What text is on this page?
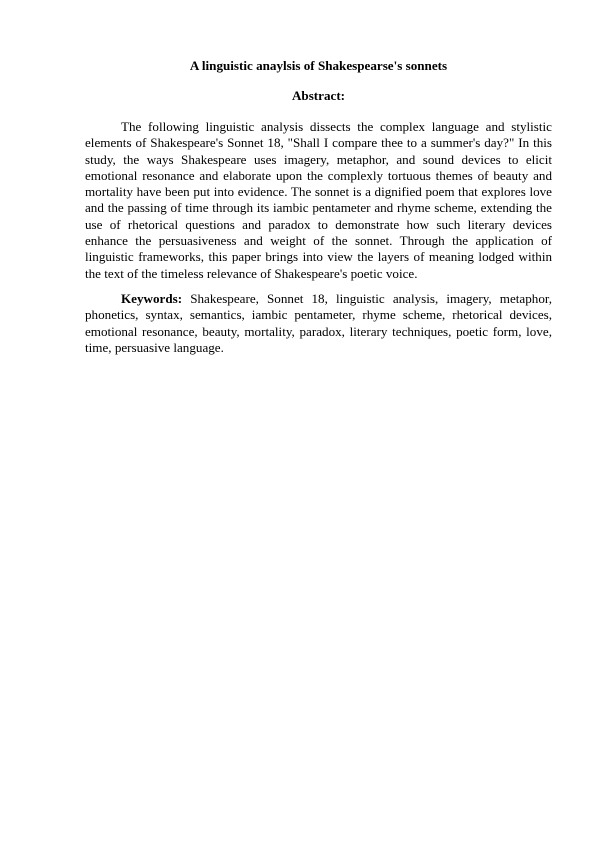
A linguistic anaylsis of Shakespearse's sonnets
Abstract:

The following linguistic analysis dissects the complex language and stylistic elements of Shakespeare's Sonnet 18, "Shall I compare thee to a summer's day?" In this study, the ways Shakespeare uses imagery, metaphor, and sound devices to elicit emotional resonance and elaborate upon the complexly tortuous themes of beauty and mortality have been put into evidence. The sonnet is a dignified poem that explores love and the passing of time through its iambic pentameter and rhyme scheme, extending the use of rhetorical questions and paradox to demonstrate how such literary devices enhance the persuasiveness and weight of the sonnet. Through the application of linguistic frameworks, this paper brings into view the layers of meaning lodged within the text of the timeless relevance of Shakespeare's poetic voice.

Keywords: Shakespeare, Sonnet 18, linguistic analysis, imagery, metaphor, phonetics, syntax, semantics, iambic pentameter, rhyme scheme, rhetorical devices, emotional resonance, beauty, mortality, paradox, literary techniques, poetic form, love, time, persuasive language.
